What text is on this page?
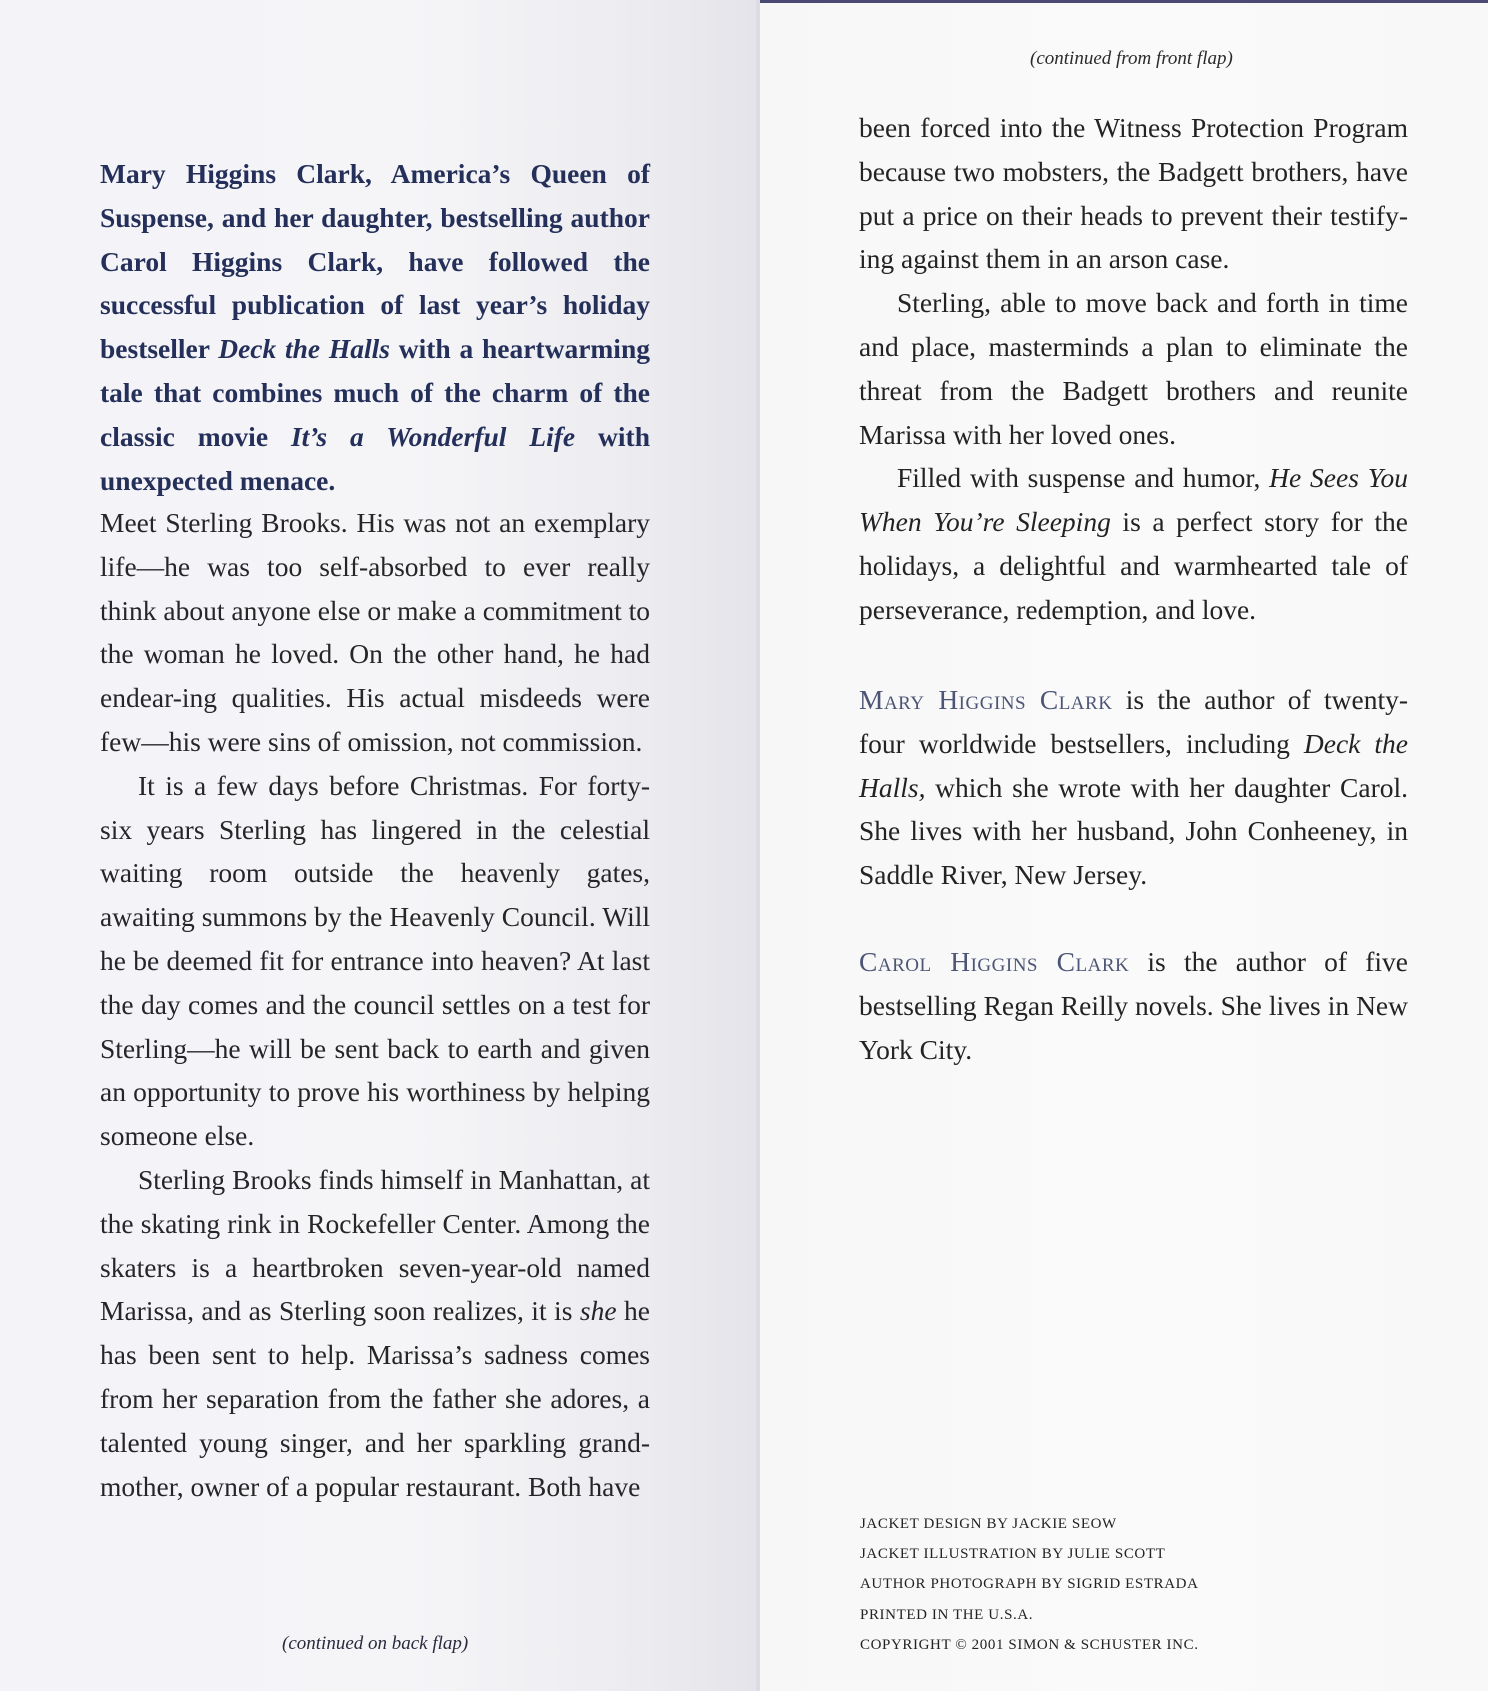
Mary Higgins Clark, America’s Queen of Suspense, and her daughter, bestselling author Carol Higgins Clark, have followed the successful publication of last year’s holiday bestseller Deck the Halls with a heartwarming tale that combines much of the charm of the classic movie It’s a Wonderful Life with unexpected menace.

Meet Sterling Brooks. His was not an exemplary life—he was too self-absorbed to ever really think about anyone else or make a commitment to the woman he loved. On the other hand, he had endear-ing qualities. His actual misdeeds were few—his were sins of omission, not commission.

It is a few days before Christmas. For forty-six years Sterling has lingered in the celestial waiting room outside the heavenly gates, awaiting summons by the Heavenly Council. Will he be deemed fit for entrance into heaven? At last the day comes and the council settles on a test for Sterling—he will be sent back to earth and given an opportunity to prove his worthiness by helping someone else.

Sterling Brooks finds himself in Manhattan, at the skating rink in Rockefeller Center. Among the skaters is a heartbroken seven-year-old named Marissa, and as Sterling soon realizes, it is she he has been sent to help. Marissa’s sadness comes from her separation from the father she adores, a talented young singer, and her sparkling grand-mother, owner of a popular restaurant. Both have

(continued on back flap)
(continued from front flap)

been forced into the Witness Protection Program because two mobsters, the Badgett brothers, have put a price on their heads to prevent their testify-ing against them in an arson case.

Sterling, able to move back and forth in time and place, masterminds a plan to eliminate the threat from the Badgett brothers and reunite Marissa with her loved ones.

Filled with suspense and humor, He Sees You When You’re Sleeping is a perfect story for the holidays, a delightful and warmhearted tale of perseverance, redemption, and love.

Mary Higgins Clark is the author of twenty-four worldwide bestsellers, including Deck the Halls, which she wrote with her daughter Carol. She lives with her husband, John Conheeney, in Saddle River, New Jersey.

Carol Higgins Clark is the author of five bestselling Regan Reilly novels. She lives in New York City.

JACKET DESIGN BY JACKIE SEOW
JACKET ILLUSTRATION BY JULIE SCOTT
AUTHOR PHOTOGRAPH BY SIGRID ESTRADA
PRINTED IN THE U.S.A.
COPYRIGHT © 2001 SIMON & SCHUSTER INC.
